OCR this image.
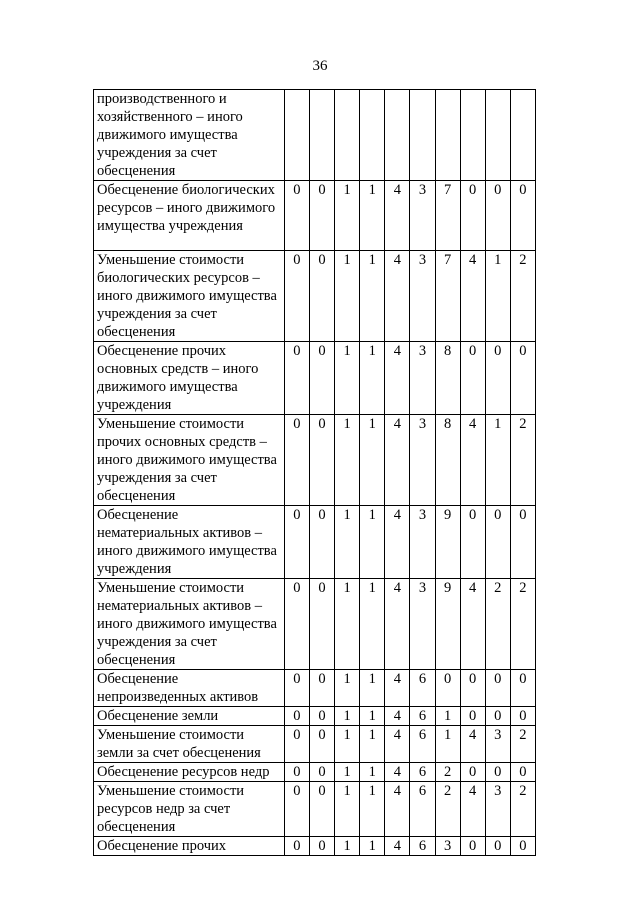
36
производственного и хозяйственного – иного движимого имущества учреждения за счет обесценения										
Обесценение биологических ресурсов – иного движимого имущества учреждения	0	0	1	1	4	3	7	0	0	0
Уменьшение стоимости биологических ресурсов – иного движимого имущества учреждения за счет обесценения	0	0	1	1	4	3	7	4	1	2
Обесценение прочих основных средств – иного движимого имущества учреждения	0	0	1	1	4	3	8	0	0	0
Уменьшение стоимости прочих основных средств – иного движимого имущества учреждения за счет обесценения	0	0	1	1	4	3	8	4	1	2
Обесценение нематериальных активов – иного движимого имущества учреждения	0	0	1	1	4	3	9	0	0	0
Уменьшение стоимости нематериальных активов – иного движимого имущества учреждения за счет обесценения	0	0	1	1	4	3	9	4	2	2
Обесценение непроизведенных активов	0	0	1	1	4	6	0	0	0	0
Обесценение земли	0	0	1	1	4	6	1	0	0	0
Уменьшение стоимости земли за счет обесценения	0	0	1	1	4	6	1	4	3	2
Обесценение ресурсов недр	0	0	1	1	4	6	2	0	0	0
Уменьшение стоимости ресурсов недр за счет обесценения	0	0	1	1	4	6	2	4	3	2
Обесценение прочих	0	0	1	1	4	6	3	0	0	0
